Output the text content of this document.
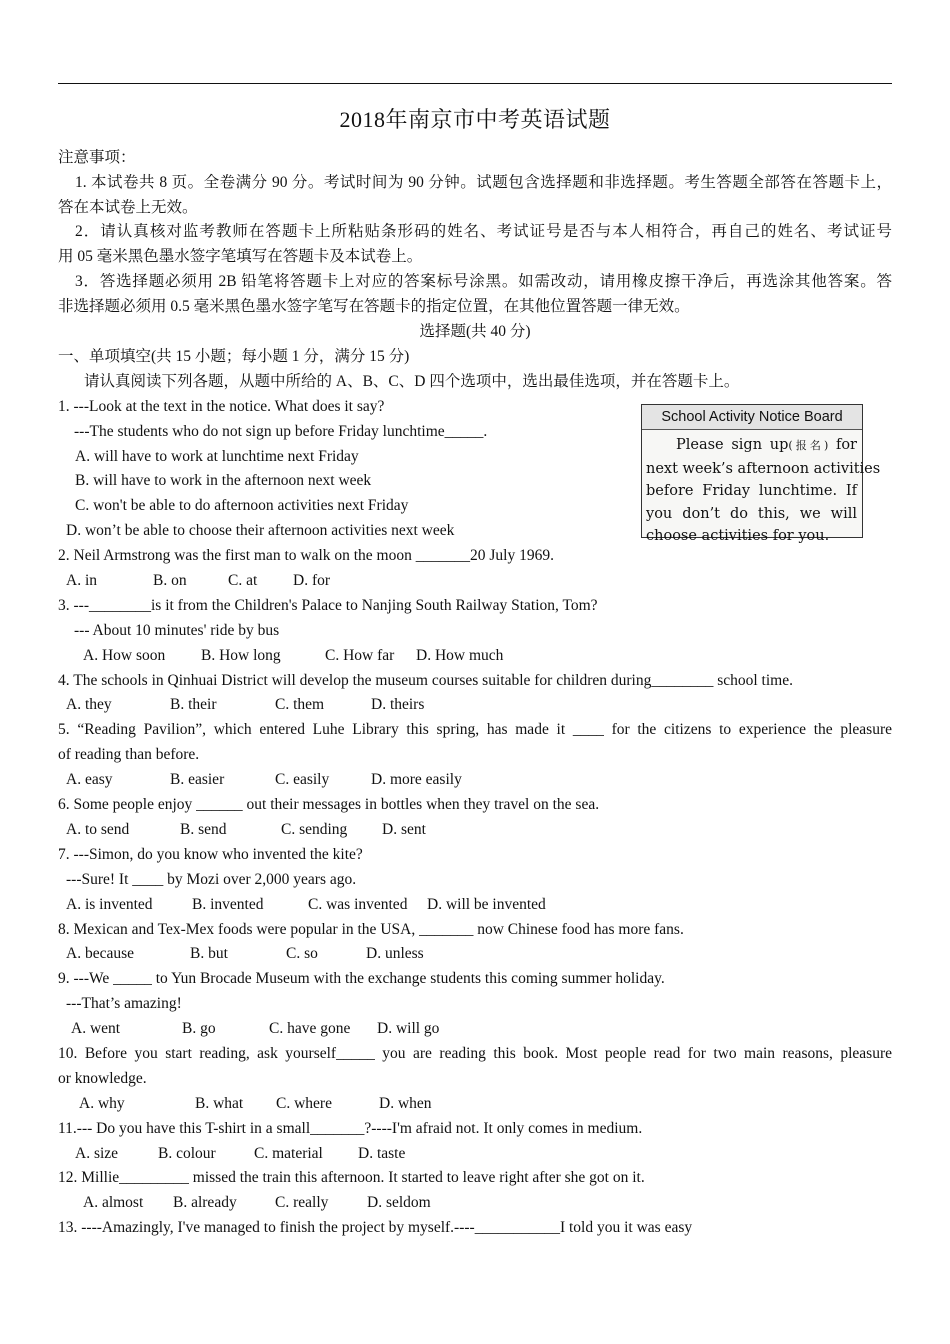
2018年南京市中考英语试题
注意事项：
1. 本试卷共 8 页。全卷满分 90 分。考试时间为 90 分钟。试题包含选择题和非选择题。考生答题全部答在答题卡上，
答在本试卷上无效。
2．请认真核对监考教师在答题卡上所粘贴条形码的姓名、考试证号是否与本人相符合，再自己的姓名、考试证号
用 05 毫米黑色墨水签字笔填写在答题卡及本试卷上。
3．答选择题必须用 2B 铅笔将答题卡上对应的答案标号涂黑。如需改动，请用橡皮擦干净后，再选涂其他答案。答
非选择题必须用 0.5 毫米黑色墨水签字笔写在答题卡的指定位置，在其他位置答题一律无效。
选择题(共 40 分)
一、单项填空(共 15 小题；每小题 1 分，满分 15 分)
请认真阅读下列各题，从题中所给的 A、B、C、D 四个选项中，选出最佳选项，并在答题卡上。
School Activity Notice Board
Please sign up(报名) for
next week’s afternoon activities
before Friday lunchtime. If
you don’t do this, we will
choose activities for you.
1. ---Look at the text in the notice. What does it say?
---The students who do not sign up before Friday lunchtime_____.
A. will have to work at lunchtime next Friday
B. will have to work in the afternoon next week
C. won't be able to do afternoon activities next Friday
D. won’t be able to choose their afternoon activities next week
2. Neil Armstrong was the first man to walk on the moon _______20 July 1969.
A. in	B. on	C. at D. for
3. ---________is it from the Children's Palace to Nanjing South Railway Station, Tom?
--- About 10 minutes' ride by bus
A. How soon B. How long	C. How far D. How much
4. The schools in Qinhuai District will develop the museum courses suitable for children during________ school time.
A. they	B. their	C. them	D. theirs
5. “Reading Pavilion”, which entered Luhe Library this spring, has made it ____ for the citizens to experience the pleasure
of reading than before.
A. easy	B. easier	C. easily	D. more easily
6. Some people enjoy ______ out their messages in bottles when they travel on the sea.
A. to send	B. send	C. sending D. sent
7. ---Simon, do you know who invented the kite?
---Sure! It ____ by Mozi over 2,000 years ago.
A. is invented	B. invented	C. was invented D. will be invented
8. Mexican and Tex-Mex foods were popular in the USA, _______ now Chinese food has more fans.
A. because	B. but	C. so	D. unless
9. ---We _____ to Yun Brocade Museum with the exchange students this coming summer holiday.
---That’s amazing!
A. went	B. go	C. have gone D. will go
10. Before you start reading, ask yourself_____ you are reading this book. Most people read for two main reasons, pleasure
or knowledge.
A. why	B. what C. where	D. when
11.--- Do you have this T-shirt in a small_______?----I'm afraid not. It only comes in medium.
A. size	B. colour C. material D. taste
12. Millie_________ missed the train this afternoon. It started to leave right after she got on it.
A. almost B. already C. really D. seldom
13. ----Amazingly, I've managed to finish the project by myself.----___________I told you it was easy
